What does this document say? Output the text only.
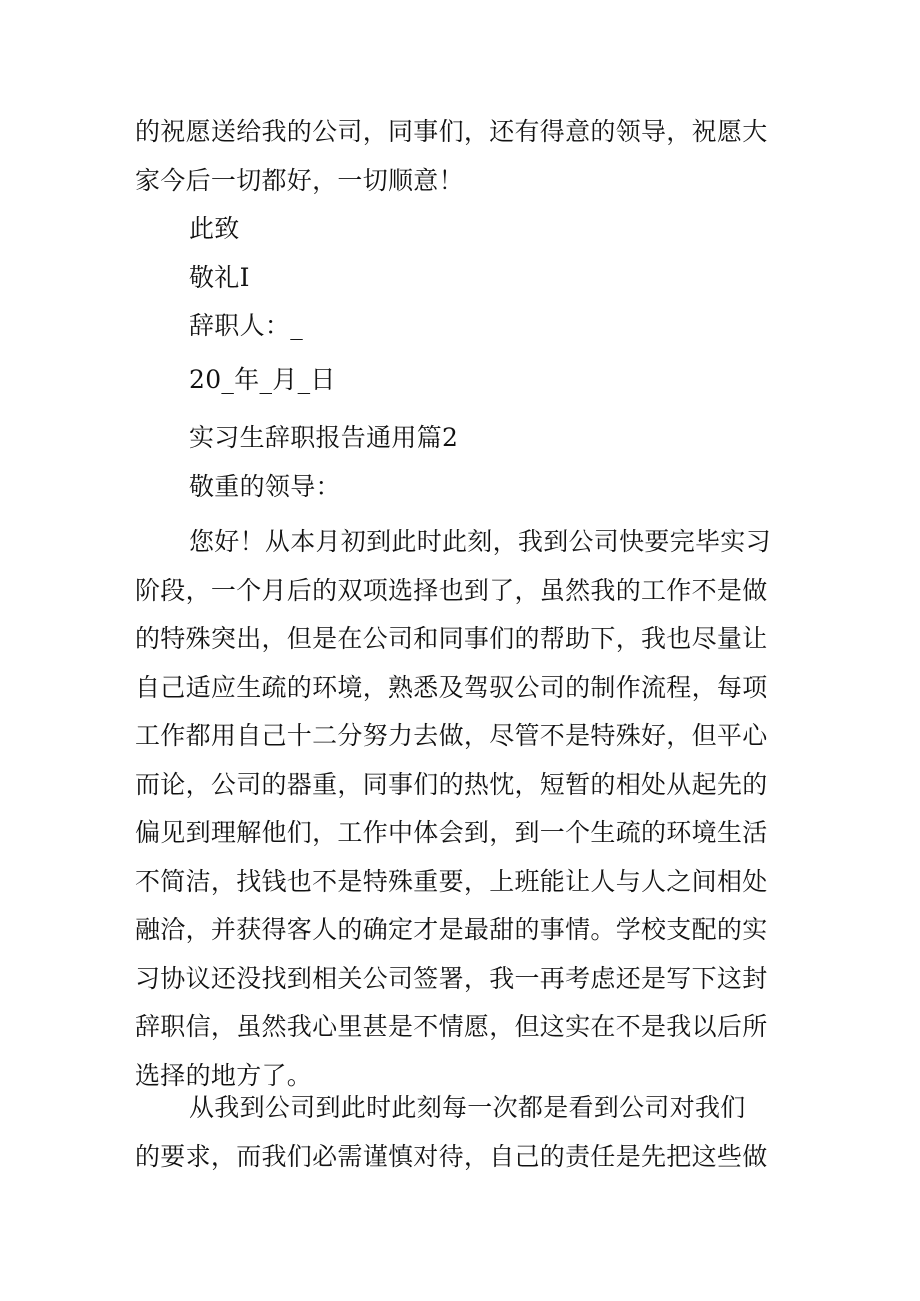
的祝愿送给我的公司，同事们，还有得意的领导，祝愿大
家今后一切都好，一切顺意！
此致
敬礼I
辞职人：_
20_年_月_日
实习生辞职报告通用篇2
敬重的领导：
您好！从本月初到此时此刻，我到公司快要完毕实习
阶段，一个月后的双项选择也到了，虽然我的工作不是做
的特殊突出，但是在公司和同事们的帮助下，我也尽量让
自己适应生疏的环境，熟悉及驾驭公司的制作流程，每项
工作都用自己十二分努力去做，尽管不是特殊好，但平心
而论，公司的器重，同事们的热忱，短暂的相处从起先的
偏见到理解他们，工作中体会到，到一个生疏的环境生活
不简洁，找钱也不是特殊重要，上班能让人与人之间相处
融洽，并获得客人的确定才是最甜的事情。学校支配的实
习协议还没找到相关公司签署，我一再考虑还是写下这封
辞职信，虽然我心里甚是不情愿，但这实在不是我以后所
选择的地方了。
从我到公司到此时此刻每一次都是看到公司对我们
的要求，而我们必需谨慎对待，自己的责任是先把这些做
